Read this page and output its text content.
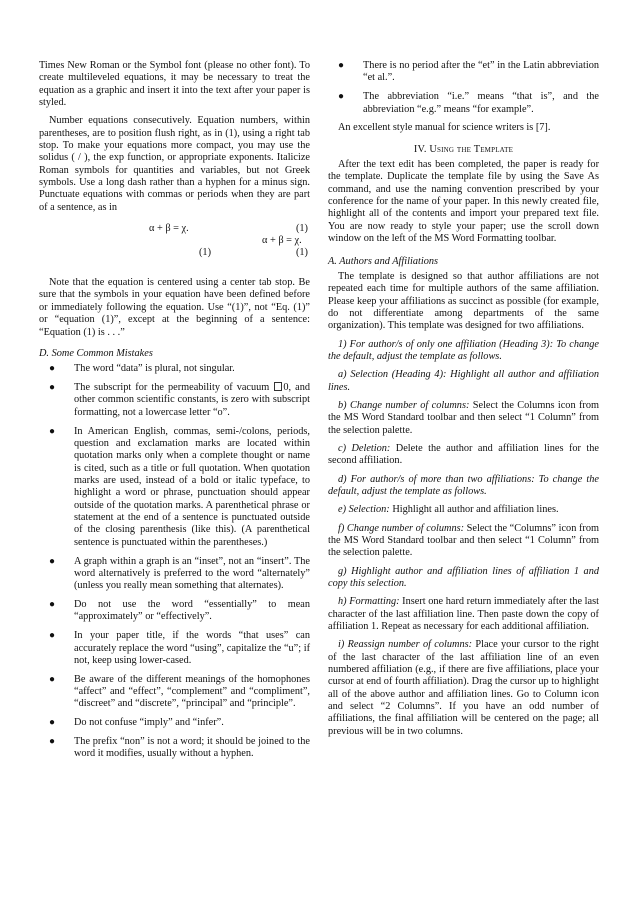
Times New Roman or the Symbol font (please no other font). To create multileveled equations, it may be necessary to treat the equation as a graphic and insert it into the text after your paper is styled.

Number equations consecutively. Equation numbers, within parentheses, are to position flush right, as in (1), using a right tab stop. To make your equations more compact, you may use the solidus ( / ), the exp function, or appropriate exponents. Italicize Roman symbols for quantities and variables, but not Greek symbols. Use a long dash rather than a hyphen for a minus sign. Punctuate equations with commas or periods when they are part of a sentence, as in

α + β = χ.	(1)
α + β = χ.
(1)	(1)

Note that the equation is centered using a center tab stop. Be sure that the symbols in your equation have been defined before or immediately following the equation. Use “(1)”, not “Eq. (1)” or “equation (1)”, except at the beginning of a sentence: “Equation (1) is . . .”

D. Some Common Mistakes
● The word “data” is plural, not singular.
● The subscript for the permeability of vacuum 0, and other common scientific constants, is zero with subscript formatting, not a lowercase letter “o”.
● In American English, commas, semi-/colons, periods, question and exclamation marks are located within quotation marks only when a complete thought or name is cited, such as a title or full quotation. When quotation marks are used, instead of a bold or italic typeface, to highlight a word or phrase, punctuation should appear outside of the quotation marks. A parenthetical phrase or statement at the end of a sentence is punctuated outside of the closing parenthesis (like this). (A parenthetical sentence is punctuated within the parentheses.)
● A graph within a graph is an “inset”, not an “insert”. The word alternatively is preferred to the word “alternately” (unless you really mean something that alternates).
● Do not use the word “essentially” to mean “approximately” or “effectively”.
● In your paper title, if the words “that uses” can accurately replace the word “using”, capitalize the “u”; if not, keep using lower-cased.
● Be aware of the different meanings of the homophones “affect” and “effect”, “complement” and “compliment”, “discreet” and “discrete”, “principal” and “principle”.
● Do not confuse “imply” and “infer”.
● The prefix “non” is not a word; it should be joined to the word it modifies, usually without a hyphen.
● There is no period after the “et” in the Latin abbreviation “et al.”.
● The abbreviation “i.e.” means “that is”, and the abbreviation “e.g.” means “for example”.

An excellent style manual for science writers is [7].

IV. Using the Template

After the text edit has been completed, the paper is ready for the template. Duplicate the template file by using the Save As command, and use the naming convention prescribed by your conference for the name of your paper. In this newly created file, highlight all of the contents and import your prepared text file. You are now ready to style your paper; use the scroll down window on the left of the MS Word Formatting toolbar.

A. Authors and Affiliations

The template is designed so that author affiliations are not repeated each time for multiple authors of the same affiliation. Please keep your affiliations as succinct as possible (for example, do not differentiate among departments of the same organization). This template was designed for two affiliations.

1) For author/s of only one affiliation (Heading 3): To change the default, adjust the template as follows.

a) Selection (Heading 4): Highlight all author and affiliation lines.

b) Change number of columns: Select the Columns icon from the MS Word Standard toolbar and then select “1 Column” from the selection palette.

c) Deletion: Delete the author and affiliation lines for the second affiliation.

d) For author/s of more than two affiliations: To change the default, adjust the template as follows.

e) Selection: Highlight all author and affiliation lines.

f) Change number of columns: Select the “Columns” icon from the MS Word Standard toolbar and then select “1 Column” from the selection palette.

g) Highlight author and affiliation lines of affiliation 1 and copy this selection.

h) Formatting: Insert one hard return immediately after the last character of the last affiliation line. Then paste down the copy of affiliation 1. Repeat as necessary for each additional affiliation.

i) Reassign number of columns: Place your cursor to the right of the last character of the last affiliation line of an even numbered affiliation (e.g., if there are five affiliations, place your cursor at end of fourth affiliation). Drag the cursor up to highlight all of the above author and affiliation lines. Go to Column icon and select “2 Columns”. If you have an odd number of affiliations, the final affiliation will be centered on the page; all previous will be in two columns.
